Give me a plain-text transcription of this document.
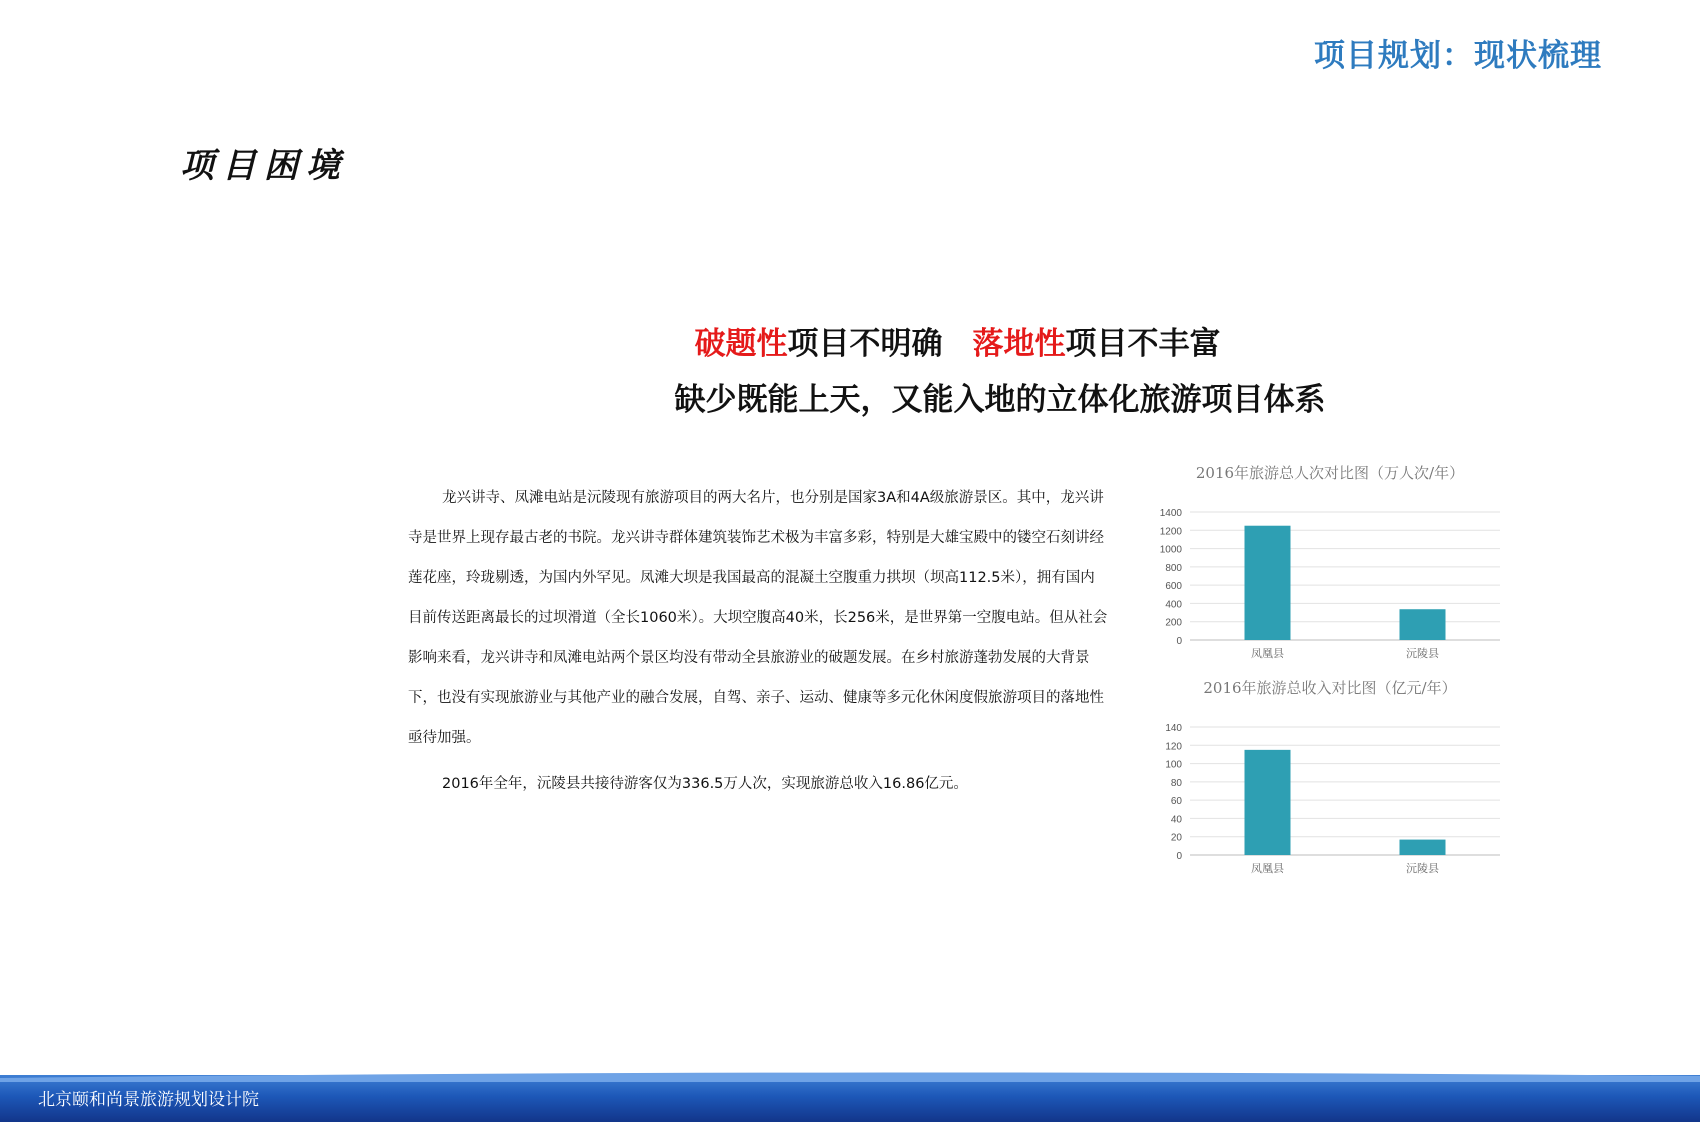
项目规划：现状梳理
项目困境
破题性项目不明确 落地性项目不丰富
缺少既能上天，又能入地的立体化旅游项目体系

龙兴讲寺、凤滩电站是沅陵现有旅游项目的两大名片，也分别是国家3A和4A级旅游景区。其中，龙兴讲寺是世界上现存最古老的书院。龙兴讲寺群体建筑装饰艺术极为丰富多彩，特别是大雄宝殿中的镂空石刻讲经莲花座，玲珑剔透，为国内外罕见。凤滩大坝是我国最高的混凝土空腹重力拱坝（坝高112.5米），拥有国内目前传送距离最长的过坝滑道（全长1060米）。大坝空腹高40米，长256米，是世界第一空腹电站。但从社会影响来看，龙兴讲寺和凤滩电站两个景区均没有带动全县旅游业的破题发展。在乡村旅游蓬勃发展的大背景下，也没有实现旅游业与其他产业的融合发展，自驾、亲子、运动、健康等多元化休闲度假旅游项目的落地性亟待加强。

2016年全年，沅陵县共接待游客仅为336.5万人次，实现旅游总收入16.86亿元。

2016年旅游总人次对比图（万人次/年）
0
200
400
600
800
1000
1200
1400
凤凰县	沅陵县
2016年旅游总收入对比图（亿元/年）
0
20
40
60
80
100
120
140
凤凰县	沅陵县
北京颐和尚景旅游规划设计院
